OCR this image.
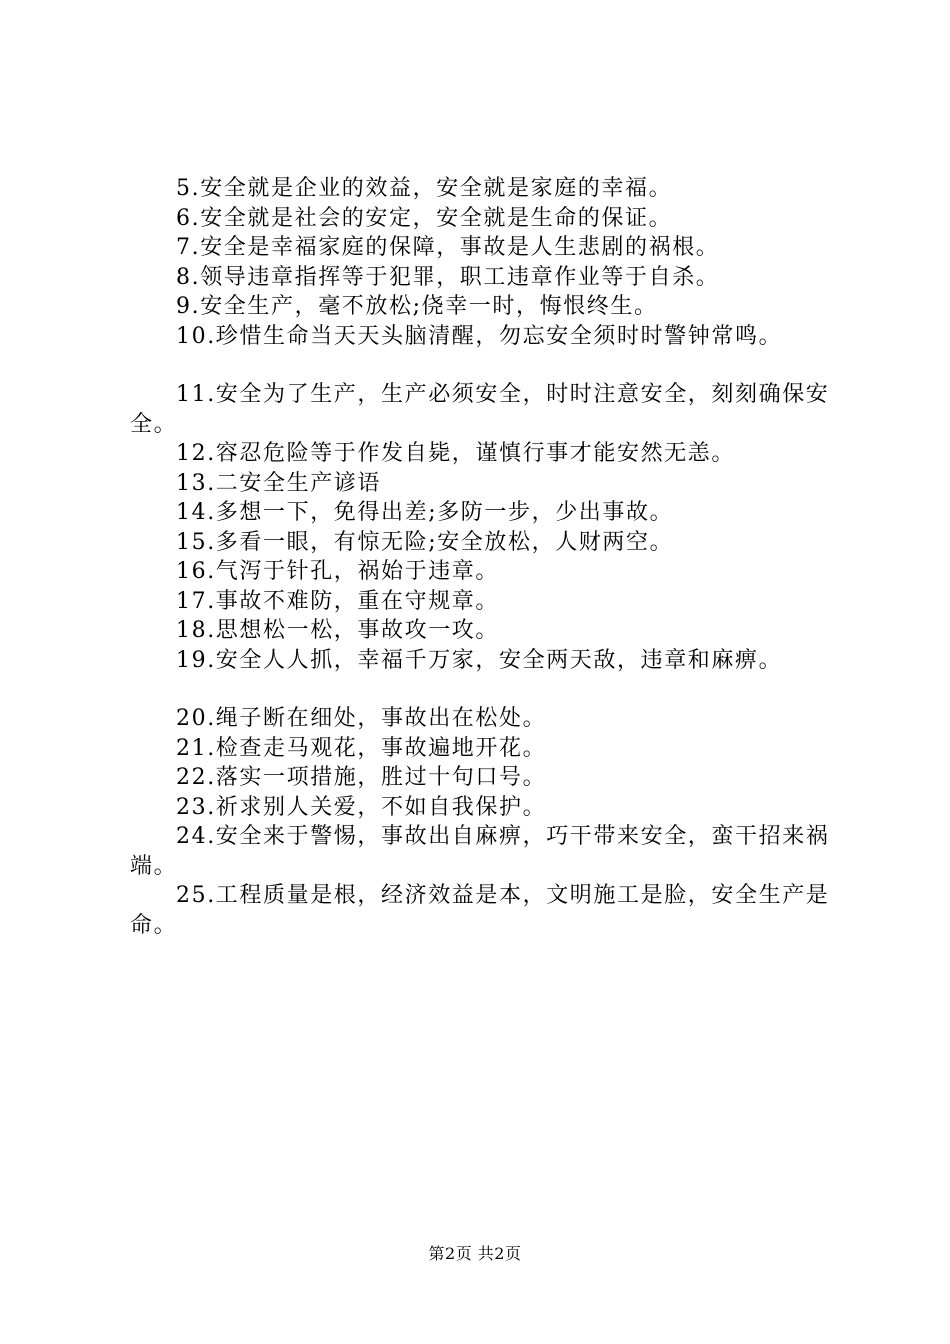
5.安全就是企业的效益，安全就是家庭的幸福。

6.安全就是社会的安定，安全就是生命的保证。

7.安全是幸福家庭的保障，事故是人生悲剧的祸根。

8.领导违章指挥等于犯罪，职工违章作业等于自杀。

9.安全生产，毫不放松;侥幸一时，悔恨终生。

10.珍惜生命当天天头脑清醒，勿忘安全须时时警钟常鸣。

11.安全为了生产，生产必须安全，时时注意安全，刻刻确保安全。

12.容忍危险等于作发自毙，谨慎行事才能安然无恙。

13.二安全生产谚语

14.多想一下，免得出差;多防一步，少出事故。

15.多看一眼，有惊无险;安全放松，人财两空。

16.气泻于针孔，祸始于违章。

17.事故不难防，重在守规章。

18.思想松一松，事故攻一攻。

19.安全人人抓，幸福千万家，安全两天敌，违章和麻痹。

20.绳子断在细处，事故出在松处。

21.检查走马观花，事故遍地开花。

22.落实一项措施，胜过十句口号。

23.祈求别人关爱，不如自我保护。

24.安全来于警惕，事故出自麻痹，巧干带来安全，蛮干招来祸端。

25.工程质量是根，经济效益是本，文明施工是脸，安全生产是命。

第2页 共2页
